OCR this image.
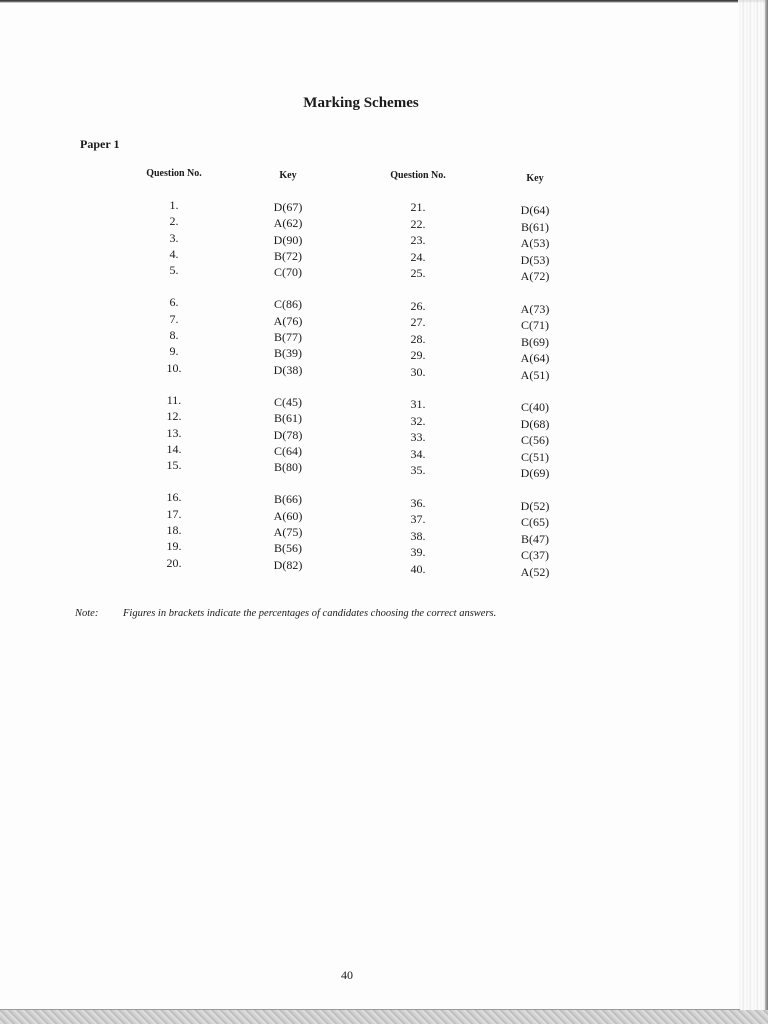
Marking Schemes
Paper 1
Question No.
1.
2.
3.
4.
5.
6.
7.
8.
9.
10.
11.
12.
13.
14.
15.
16.
17.
18.
19.
20.
Key
D(67)
A(62)
D(90)
B(72)
C(70)
C(86)
A(76)
B(77)
B(39)
D(38)
C(45)
B(61)
D(78)
C(64)
B(80)
B(66)
A(60)
A(75)
B(56)
D(82)
Question No.
21.
22.
23.
24.
25.
26.
27.
28.
29.
30.
31.
32.
33.
34.
35.
36.
37.
38.
39.
40.
Key
D(64)
B(61)
A(53)
D(53)
A(72)
A(73)
C(71)
B(69)
A(64)
A(51)
C(40)
D(68)
C(56)
C(51)
D(69)
D(52)
C(65)
B(47)
C(37)
A(52)
Note: Figures in brackets indicate the percentages of candidates choosing the correct answers.
40
